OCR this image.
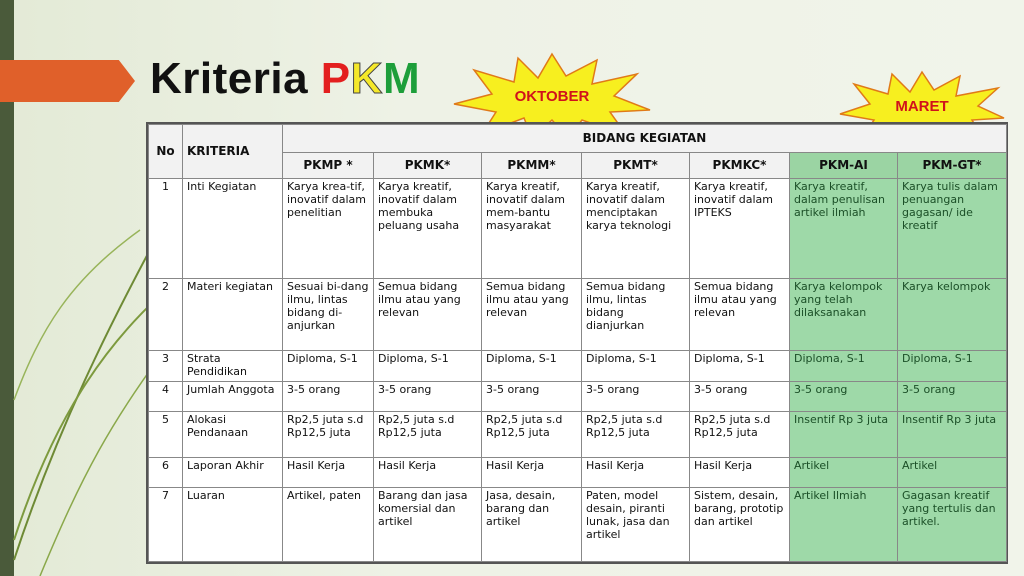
Kriteria PKM	OKTOBER
MARET
No	KRITERIA	BIDANG KEGIATAN						
		PKMP *	PKMK*	PKMM*	PKMT*	PKMKC*	PKM-AI	PKM-GT*
1	Inti Kegiatan	Karya krea-tif, inovatif dalam penelitian	Karya kreatif, inovatif dalam membuka peluang usaha	Karya kreatif, inovatif dalam mem-bantu masyarakat	Karya kreatif, inovatif dalam menciptakan karya teknologi	Karya kreatif, inovatif dalam IPTEKS	Karya kreatif, dalam penulisan artikel ilmiah	Karya tulis dalam penuangan gagasan/ ide kreatif
2	Materi kegiatan	Sesuai bi-dang ilmu, lintas bidang di-anjurkan	Semua bidang ilmu atau yang relevan	Semua bidang ilmu atau yang relevan	Semua bidang ilmu, lintas bidang dianjurkan	Semua bidang ilmu atau yang relevan	Karya kelompok yang telah dilaksanakan	Karya kelompok
3	Strata Pendidikan	Diploma, S-1	Diploma, S-1	Diploma, S-1	Diploma, S-1	Diploma, S-1	Diploma, S-1	Diploma, S-1
4	Jumlah Anggota	3-5 orang	3-5 orang	3-5 orang	3-5 orang	3-5 orang	3-5 orang	3-5 orang
5	Alokasi Pendanaan	Rp2,5 juta s.d Rp12,5 juta	Rp2,5 juta s.d Rp12,5 juta	Rp2,5 juta s.d Rp12,5 juta	Rp2,5 juta s.d Rp12,5 juta	Rp2,5 juta s.d Rp12,5 juta	Insentif Rp 3 juta	Insentif Rp 3 juta
6	Laporan Akhir	Hasil Kerja	Hasil Kerja	Hasil Kerja	Hasil Kerja	Hasil Kerja	Artikel	Artikel
7	Luaran	Artikel, paten	Barang dan jasa komersial dan artikel	Jasa, desain, barang dan artikel	Paten, model desain, piranti lunak, jasa dan artikel	Sistem, desain, barang, prototip dan artikel	Artikel Ilmiah	Gagasan kreatif yang tertulis dan artikel.
